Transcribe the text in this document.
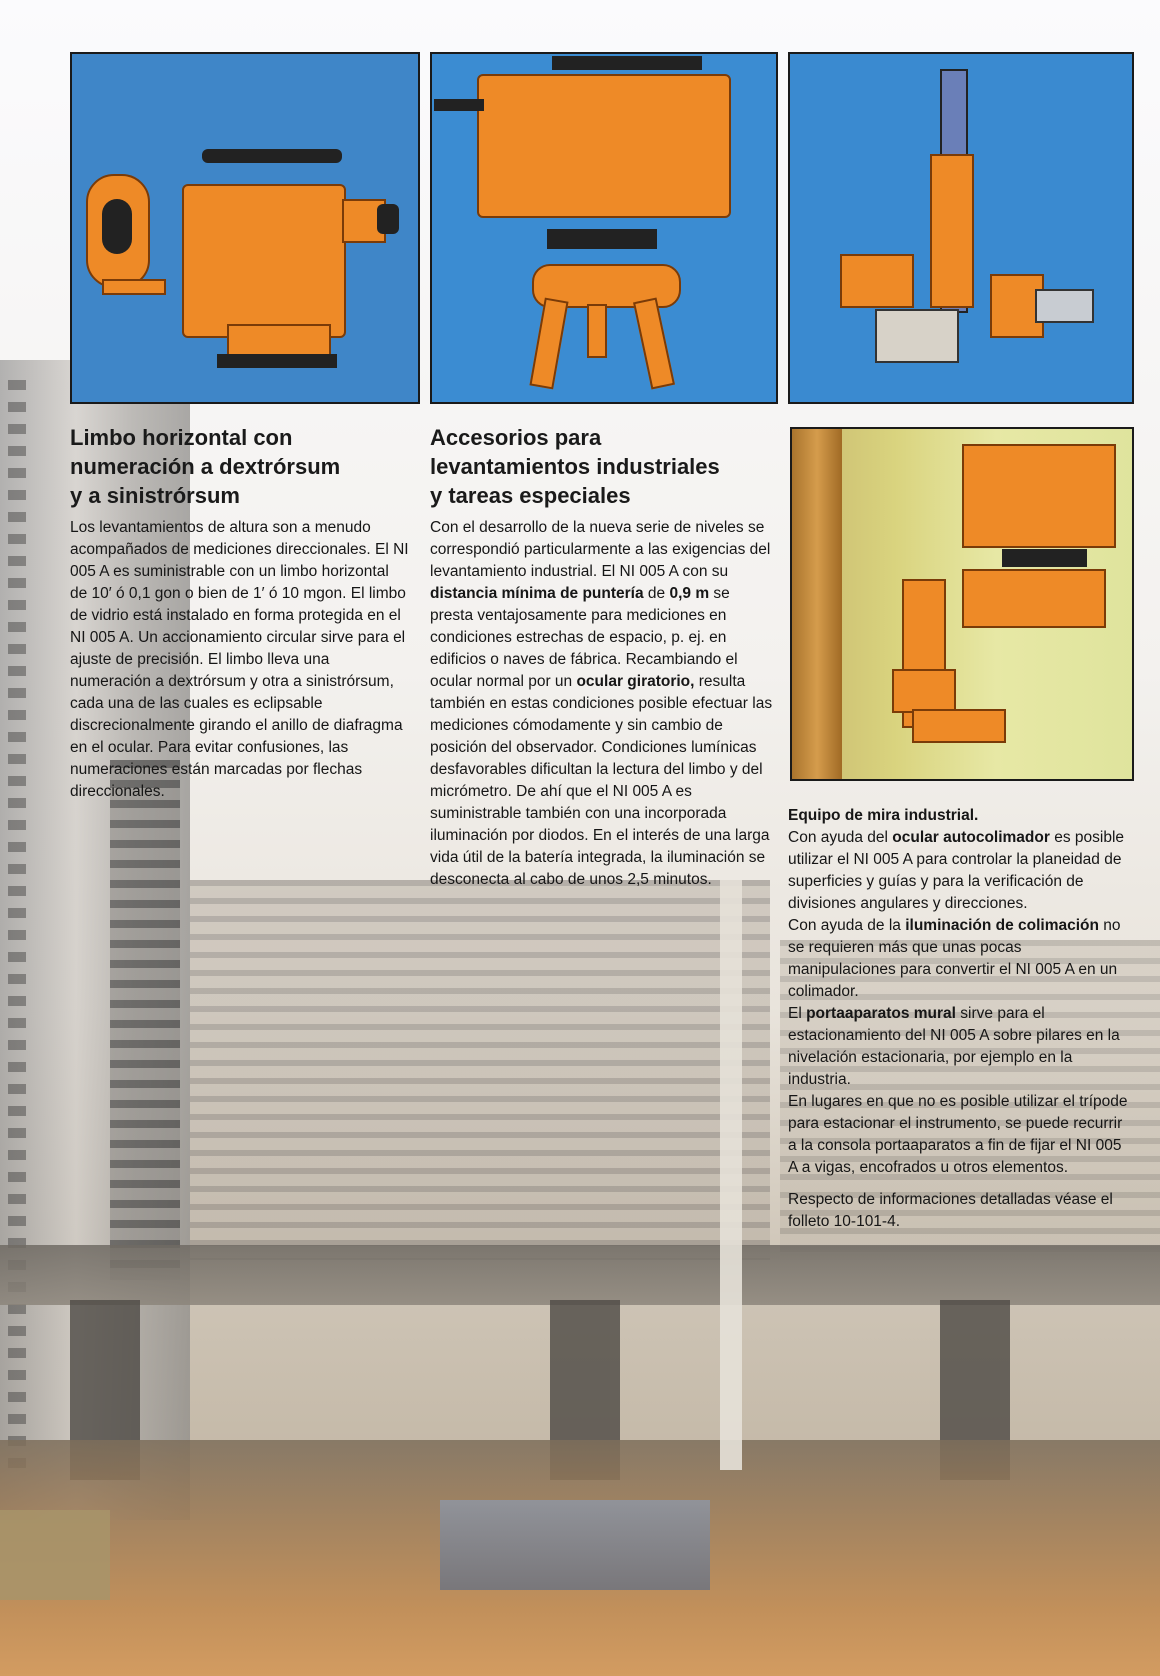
Limbo horizontal con
numeración a dextrórsum
y a sinistrórsum

Los levantamientos de altura son a menudo acompañados de mediciones direccionales. El NI 005 A es suministrable con un limbo horizontal de 10′ ó 0,1 gon o bien de 1′ ó 10 mgon. El limbo de vidrio está instalado en forma protegida en el NI 005 A. Un accionamiento circular sirve para el ajuste de precisión. El limbo lleva una numeración a dextrórsum y otra a sinistrórsum, cada una de las cuales es eclipsable discrecionalmente girando el anillo de diafragma en el ocular. Para evitar confusiones, las numeraciones están marcadas por flechas direccionales.

Accesorios para
levantamientos industriales
y tareas especiales

Con el desarrollo de la nueva serie de niveles se correspondió particularmente a las exigencias del levantamiento industrial. El NI 005 A con su distancia mínima de puntería de 0,9 m se presta ventajosamente para mediciones en condiciones estrechas de espacio, p. ej. en edificios o naves de fábrica. Recambiando el ocular normal por un ocular giratorio, resulta también en estas condiciones posible efectuar las mediciones cómodamente y sin cambio de posición del observador. Condiciones lumínicas desfavorables dificultan la lectura del limbo y del micrómetro. De ahí que el NI 005 A es suministrable también con una incorporada iluminación por diodos. En el interés de una larga vida útil de la batería integrada, la iluminación se desconecta al cabo de unos 2,5 minutos.

Equipo de mira industrial.

Con ayuda del ocular autocolimador es posible utilizar el NI 005 A para controlar la planeidad de superficies y guías y para la verificación de divisiones angulares y direcciones.

Con ayuda de la iluminación de colimación no se requieren más que unas pocas manipulaciones para convertir el NI 005 A en un colimador.

El portaaparatos mural sirve para el estacionamiento del NI 005 A sobre pilares en la nivelación estacionaria, por ejemplo en la industria.

En lugares en que no es posible utilizar el trípode para estacionar el instrumento, se puede recurrir a la consola portaaparatos a fin de fijar el NI 005 A a vigas, encofrados u otros elementos.

Respecto de informaciones detalladas véase el folleto 10-101-4.
